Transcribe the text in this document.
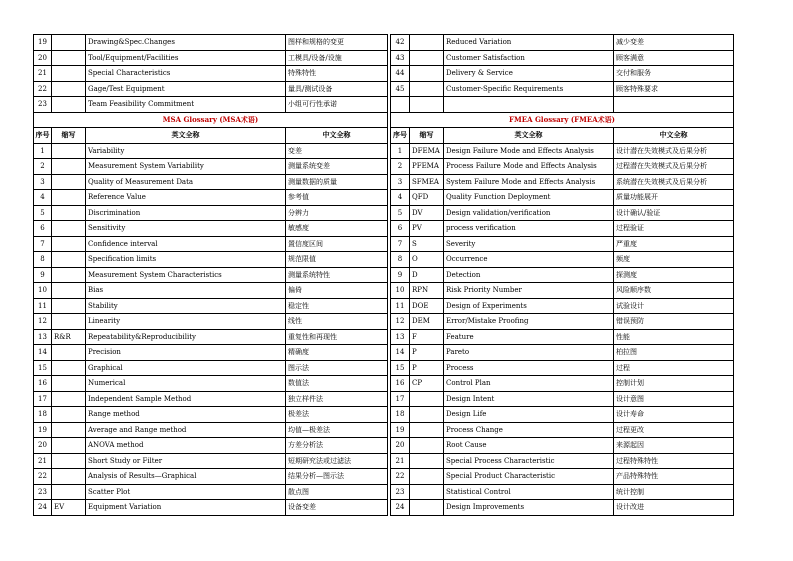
19		Drawing&Spec.Changes	图样和规格的变更
20		Tool/Equipment/Facilities	工模具/设备/设施
21		Special Characteristics	特殊特性
22		Gage/Test Equipment	量具/测试设备
23		Team Feasibility Commitment	小组可行性承诺
MSA Glossary (MSA术语)			
序号	缩写	英文全称	中文全称
1		Variability	变差
2		Measurement System Variability	测量系统变差
3		Quality of Measurement Data	测量数据的质量
4		Reference Value	参考值
5		Discrimination	分辨力
6		Sensitivity	敏感度
7		Confidence interval	置信度区间
8		Specification limits	规范限值
9		Measurement System Characteristics	测量系统特性
10		Bias	偏倚
11		Stability	稳定性
12		Linearity	线性
13	R&R	Repeatability&Reproducibility	重复性和再现性
14		Precision	精确度
15		Graphical	图示法
16		Numerical	数值法
17		Independent Sample Method	独立样件法
18		Range method	极差法
19		Average and Range method	均值—极差法
20		ANOVA method	方差分析法
21		Short Study or Filter	短期研究法或过滤法
22		Analysis of Results—Graphical	结果分析—图示法
23		Scatter Plot	散点图
24	EV	Equipment Variation	设备变差
42		Reduced Variation	减少变差
43		Customer Satisfaction	顾客满意
44		Delivery & Service	交付和服务
45		Customer-Specific Requirements	顾客特殊要求

FMEA Glossary (FMEA术语)			
序号	缩写	英文全称	中文全称
1	DFEMA	Design Failure Mode and Effects Analysis	设计潜在失效模式及后果分析
2	PFEMA	Process Failure Mode and Effects Analysis	过程潜在失效模式及后果分析
3	SFMEA	System Failure Mode and Effects Analysis	系统潜在失效模式及后果分析
4	QFD	Quality Function Deployment	质量功能展开
5	DV	Design validation/verification	设计确认/验证
6	PV	process verification	过程验证
7	S	Severity	严重度
8	O	Occurrence	频度
9	D	Detection	探测度
10	RPN	Risk Priority Number	风险顺序数
11	DOE	Design of Experiments	试验设计
12	DEM	Error/Mistake Proofing	错误预防
13	F	Feature	性能
14	P	Pareto	柏拉图
15	P	Process	过程
16	CP	Control Plan	控制计划
17		Design Intent	设计意图
18		Design Life	设计寿命
19		Process Change	过程更改
20		Root Cause	来源起因
21		Special Process Characteristic	过程特殊特性
22		Special Product Characteristic	产品特殊特性
23		Statistical Control	统计控制
24		Design Improvements	设计改进
